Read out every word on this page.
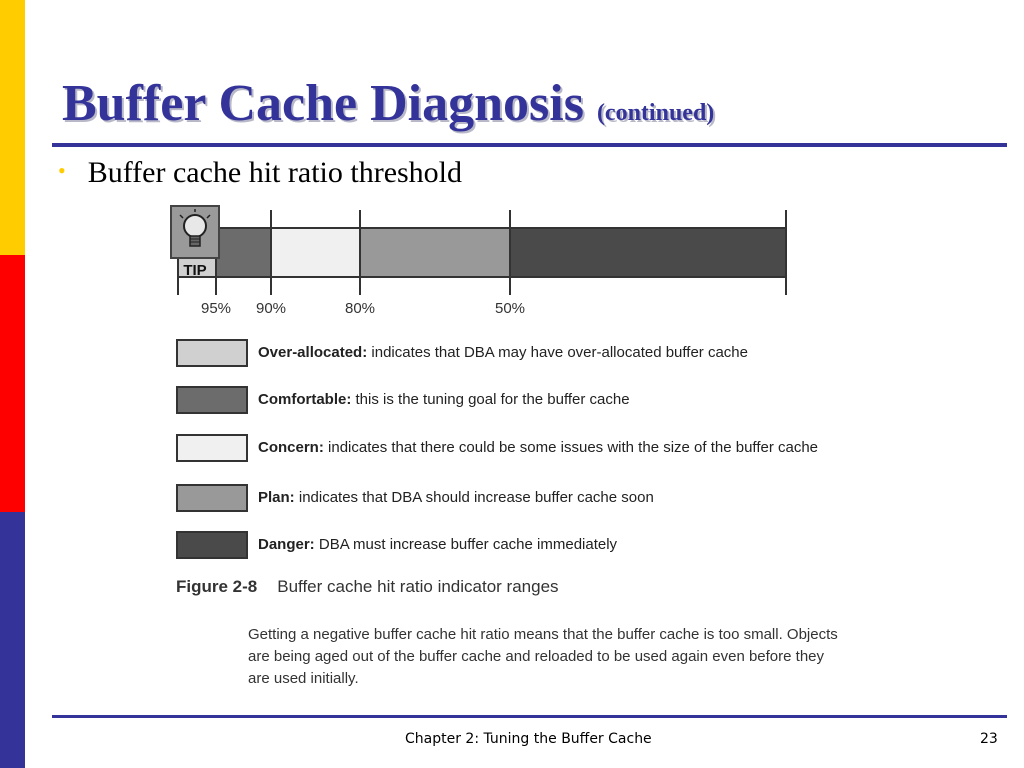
Buffer Cache Diagnosis (continued)
• Buffer cache hit ratio threshold
95% 90%	80%	50%
Over-allocated: indicates that DBA may have over-allocated buffer cache
Comfortable: this is the tuning goal for the buffer cache
Concern: indicates that there could be some issues with the size of the buffer cache
Plan: indicates that DBA should increase buffer cache soon
Danger: DBA must increase buffer cache immediately
Figure 2-8 Buffer cache hit ratio indicator ranges
TIP
Getting a negative buffer cache hit ratio means that the buffer cache is too small. Objects are being aged out of the buffer cache and reloaded to be used again even before they are used initially.
Chapter 2: Tuning the Buffer Cache	23
